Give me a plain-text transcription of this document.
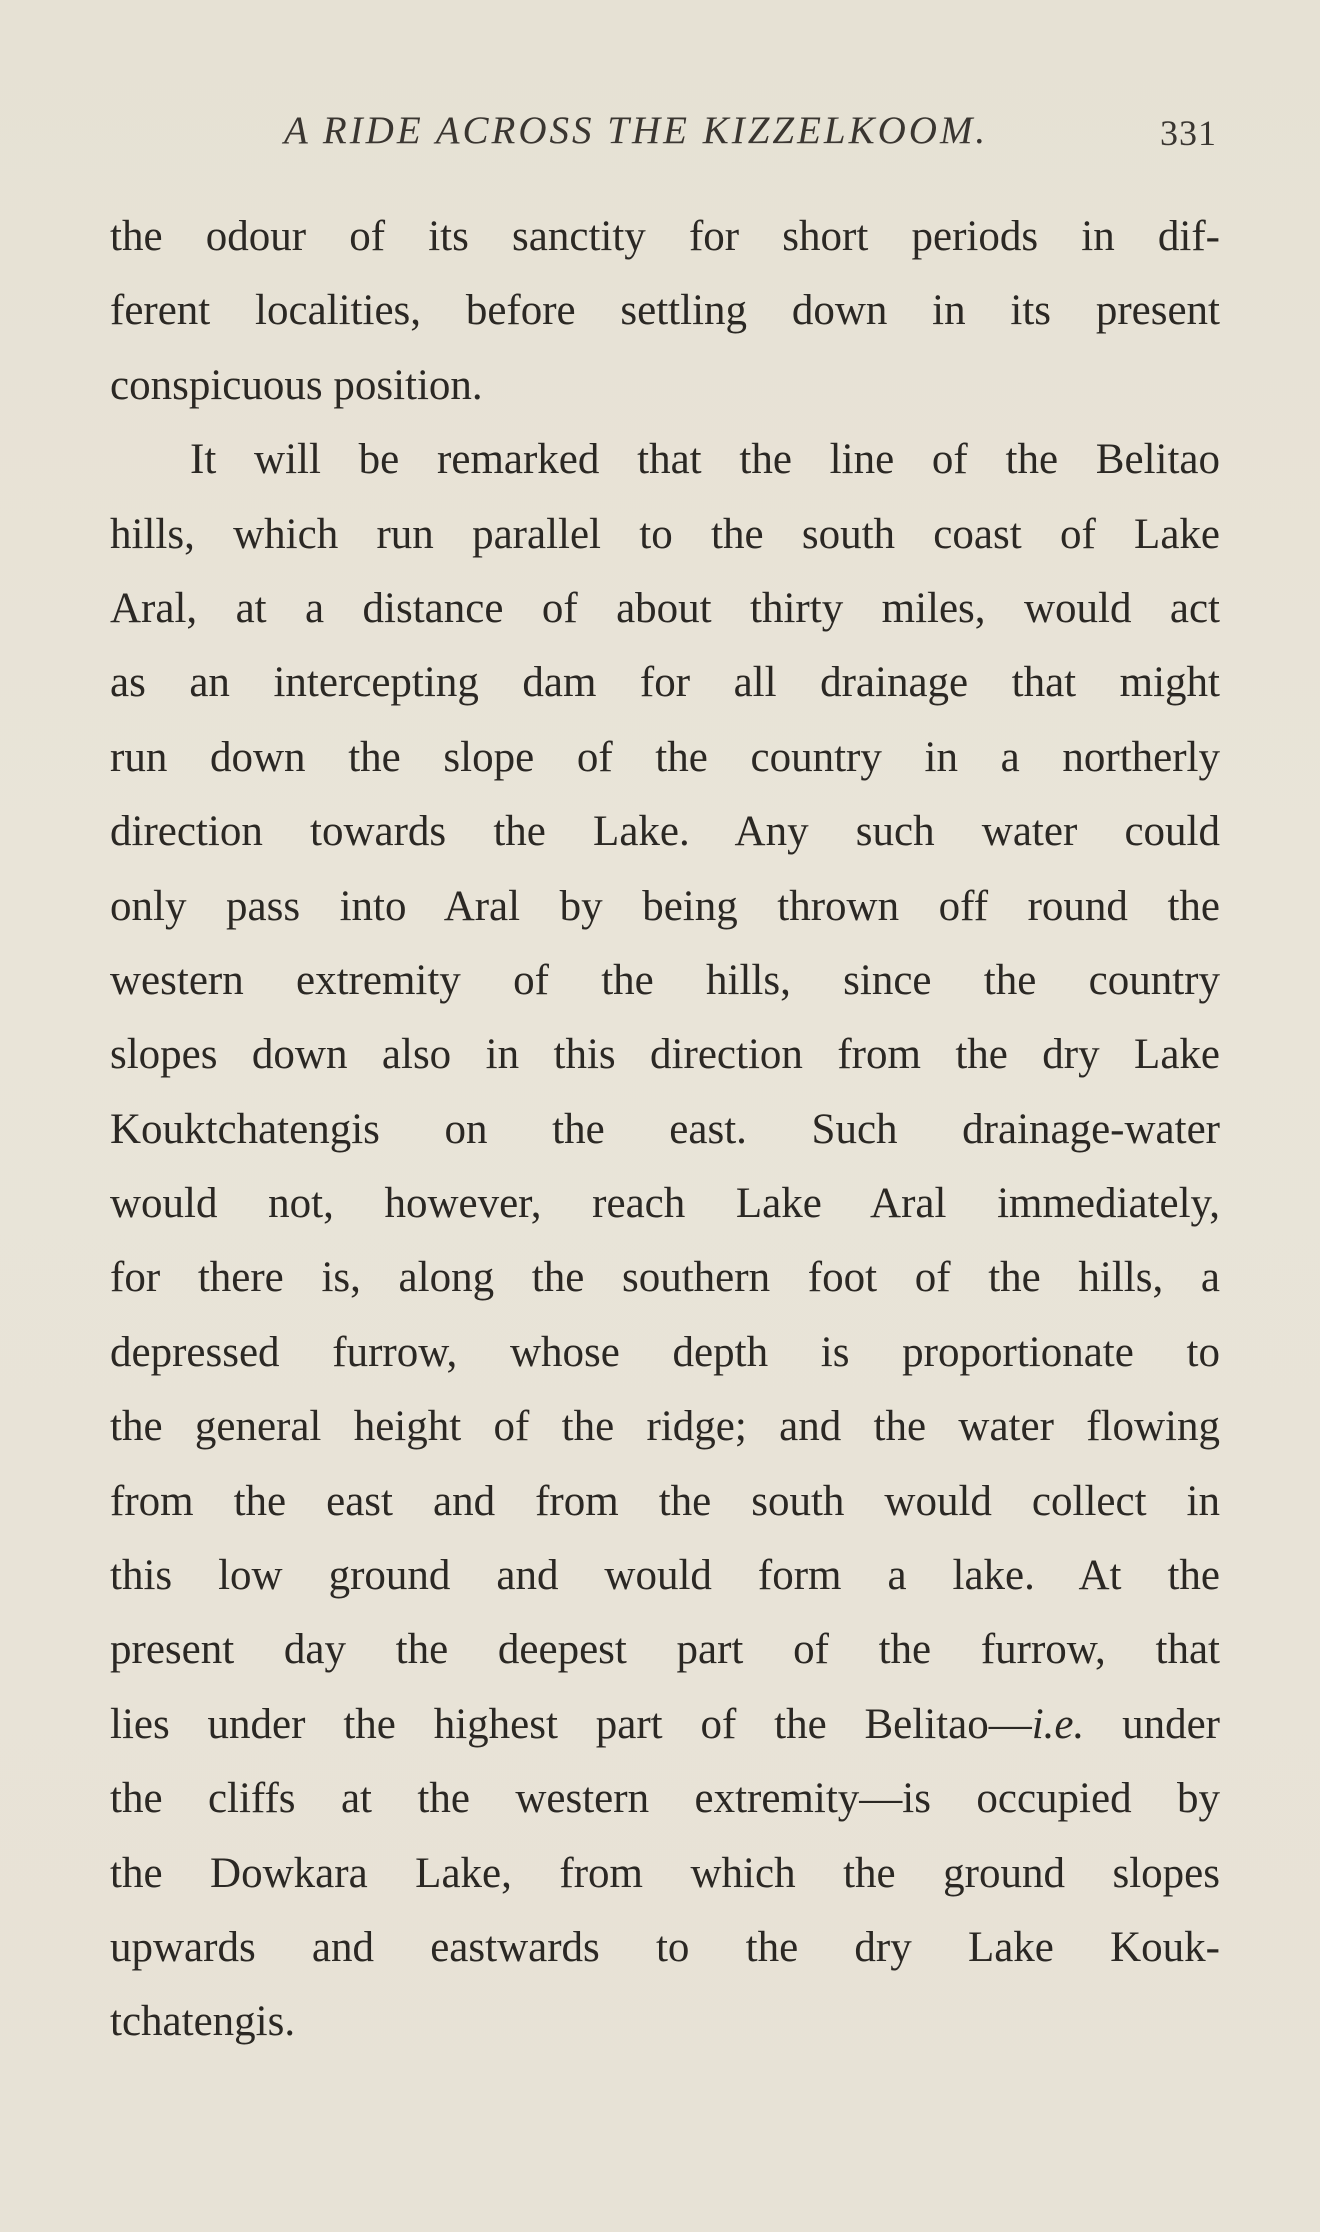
A RIDE ACROSS THE KIZZELKOOM.	331
the odour of its sanctity for short periods in dif-
ferent localities, before settling down in its present
conspicuous position.
It will be remarked that the line of the Belitao
hills, which run parallel to the south coast of Lake
Aral, at a distance of about thirty miles, would act
as an intercepting dam for all drainage that might
run down the slope of the country in a northerly
direction towards the Lake. Any such water could
only pass into Aral by being thrown off round the
western extremity of the hills, since the country
slopes down also in this direction from the dry Lake
Kouktchatengis on the east. Such drainage-water
would not, however, reach Lake Aral immediately,
for there is, along the southern foot of the hills, a
depressed furrow, whose depth is proportionate to
the general height of the ridge; and the water flowing
from the east and from the south would collect in
this low ground and would form a lake. At the
present day the deepest part of the furrow, that
lies under the highest part of the Belitao—i.e. under
the cliffs at the western extremity—is occupied by
the Dowkara Lake, from which the ground slopes
upwards and eastwards to the dry Lake Kouk-
tchatengis.
